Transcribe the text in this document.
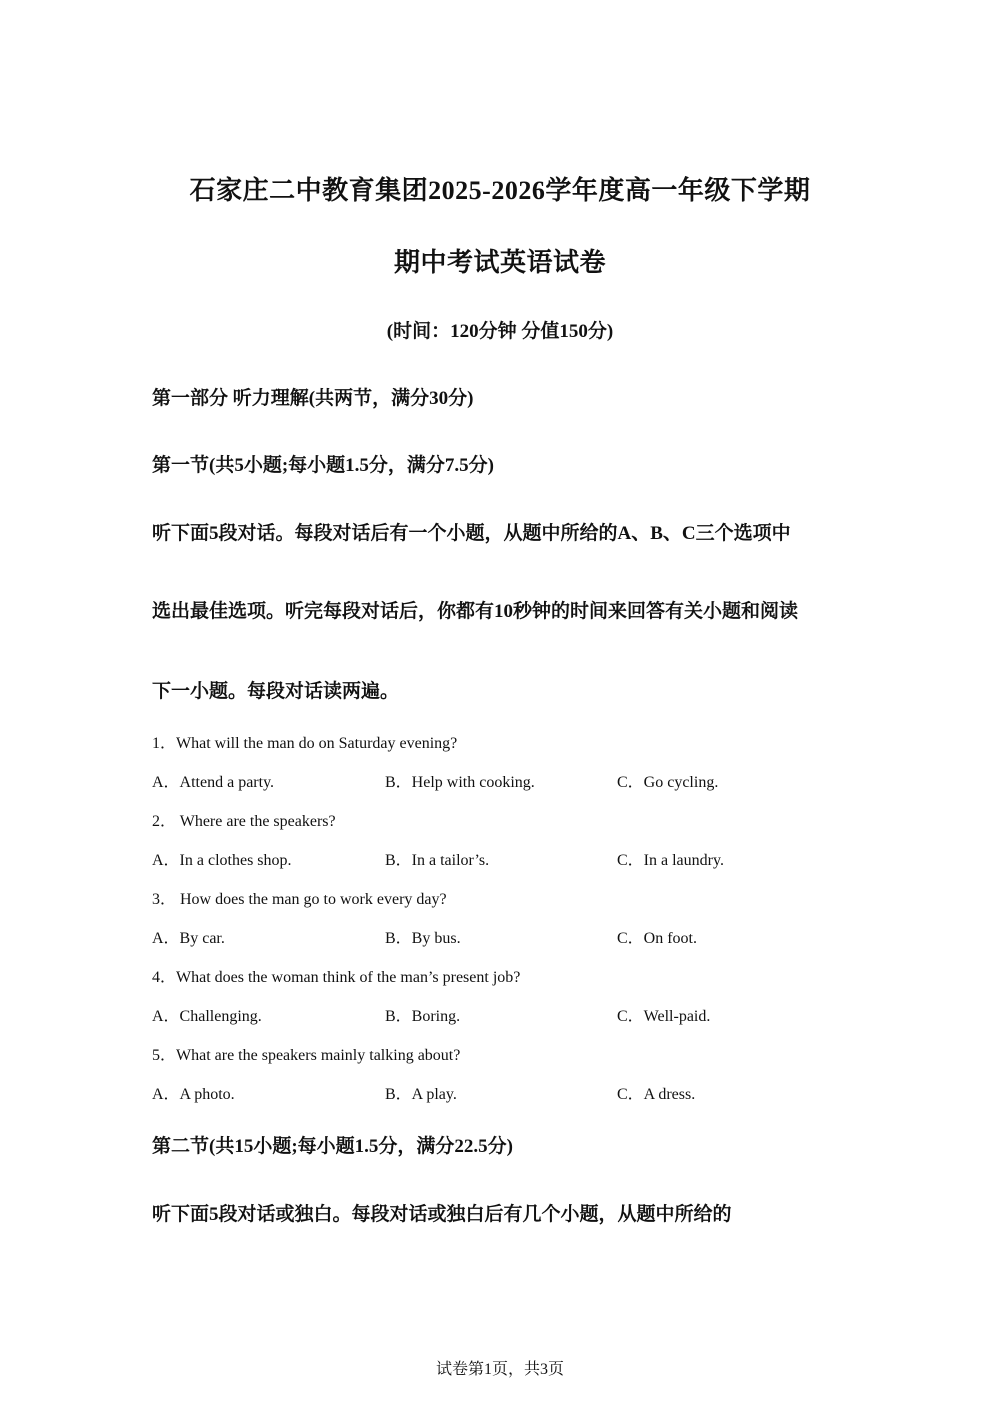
石家庄二中教育集团2025-2026学年度高一年级下学期
期中考试英语试卷
(时间：120分钟 分值150分)
第一部分 听力理解(共两节，满分30分)
第一节(共5小题;每小题1.5分，满分7.5分)
听下面5段对话。每段对话后有一个小题，从题中所给的A、B、C三个选项中
选出最佳选项。听完每段对话后，你都有10秒钟的时间来回答有关小题和阅读
下一小题。每段对话读两遍。
1．What will the man do on Saturday evening?
A．Attend a party.	B．Help with cooking.	C．Go cycling.
2． Where are the speakers?
A．In a clothes shop.	B．In a tailor’s.	C．In a laundry.
3． How does the man go to work every day?
A．By car.	B．By bus.	C．On foot.
4．What does the woman think of the man’s present job?
A．Challenging.	B．Boring.	C．Well-paid.
5．What are the speakers mainly talking about?
A．A photo.	B．A play.	C．A dress.
第二节(共15小题;每小题1.5分，满分22.5分)
听下面5段对话或独白。每段对话或独白后有几个小题，从题中所给的
试卷第1页，共3页
